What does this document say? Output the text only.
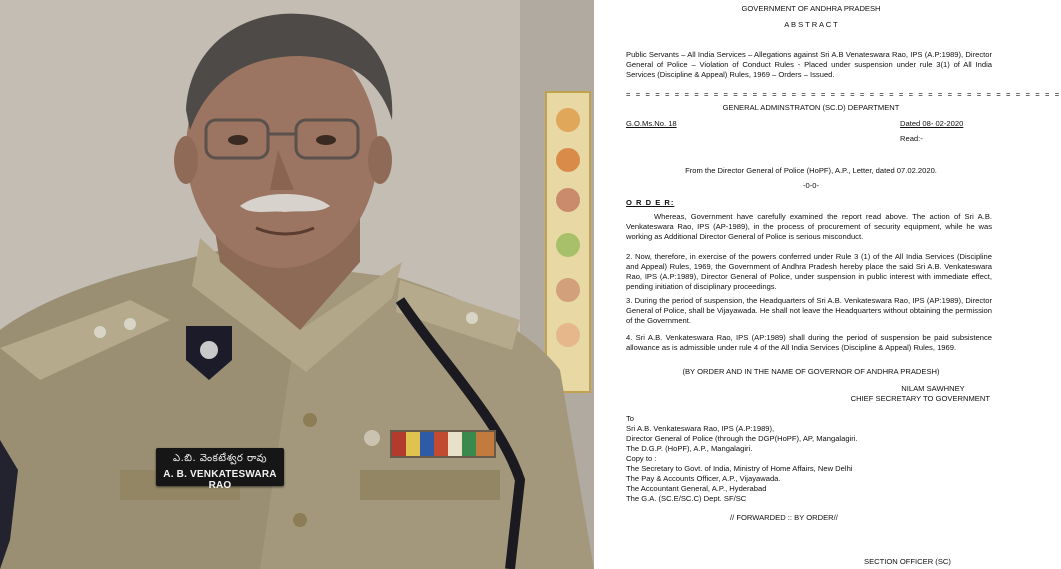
ఎ.బి. వెంకటేశ్వర రావు
A. B. VENKATESWARA RAO
GOVERNMENT OF ANDHRA PRADESH
A B S T R A C T
Public Servants – All India Services – Allegations against Sri A.B Venateswara Rao, IPS (A.P:1989), Director General of Police – Violation of Conduct Rules - Placed under suspension under rule 3(1) of All India Services (Discipline & Appeal) Rules, 1969 – Orders – Issued.
= = = = = = = = = = = = = = = = = = = = = = = = = = = = = = = = = = = = = = = = = = = = =
GENERAL ADMINSTRATON (SC.D) DEPARTMENT
G.O.Ms.No. 18	Dated 08- 02-2020
Read:-
From the Director General of Police (HoPF), A.P., Letter, dated 07.02.2020.
-0-0-
O R D E R:
Whereas, Government have carefully examined the report read above. The action of Sri A.B. Venkateswara Rao, IPS (AP-1989), in the process of procurement of security equipment, while he was working as Additional Director General of Police is serious misconduct.
2. Now, therefore, in exercise of the powers conferred under Rule 3 (1) of the All India Services (Discipline and Appeal) Rules, 1969, the Government of Andhra Pradesh hereby place the said Sri A.B. Venkateswara Rao, IPS (A.P:1989), Director General of Police, under suspension in public interest with immediate effect, pending initiation of disciplinary proceedings.
3. During the period of suspension, the Headquarters of Sri A.B. Venkateswara Rao, IPS (AP:1989), Director General of Police, shall be Vijayawada. He shall not leave the Headquarters without obtaining the permission of the Government.
4. Sri A.B. Venkateswara Rao, IPS (AP:1989) shall during the period of suspension be paid subsistence allowance as is admissible under rule 4 of the All India Services (Discipline & Appeal) Rules, 1969.
(BY ORDER AND IN THE NAME OF GOVERNOR OF ANDHRA PRADESH)
NILAM SAWHNEY
CHIEF SECRETARY TO GOVERNMENT
To
Sri A.B. Venkateswara Rao, IPS (A.P:1989),
Director General of Police (through the DGP(HoPF), AP, Mangalagiri.
The D.G.P. (HoPF), A.P., Mangalagiri.
Copy to :
The Secretary to Govt. of India, Ministry of Home Affairs, New Delhi
The Pay & Accounts Officer, A.P., Vijayawada.
The Accountant General, A.P., Hyderabad
The G.A. (SC.E/SC.C) Dept. SF/SC
// FORWARDED :: BY ORDER//
SECTION OFFICER (SC)
